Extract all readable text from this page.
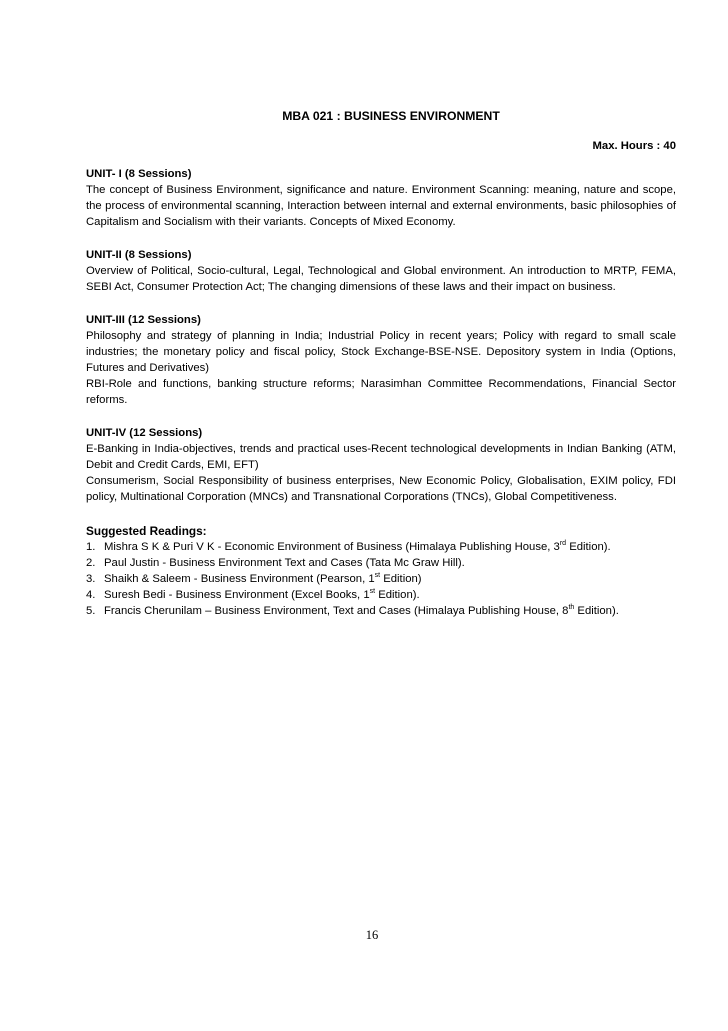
MBA 021 : BUSINESS ENVIRONMENT
Max. Hours : 40
UNIT- I (8 Sessions)

The concept of Business Environment, significance and nature. Environment Scanning: meaning, nature and scope, the process of environmental scanning, Interaction between internal and external environments, basic philosophies of Capitalism and Socialism with their variants. Concepts of Mixed Economy.

UNIT-II (8 Sessions)

Overview of Political, Socio-cultural, Legal, Technological and Global environment. An introduction to MRTP, FEMA, SEBI Act, Consumer Protection Act; The changing dimensions of these laws and their impact on business.

UNIT-III (12 Sessions)

Philosophy and strategy of planning in India; Industrial Policy in recent years; Policy with regard to small scale industries; the monetary policy and fiscal policy, Stock Exchange-BSE-NSE. Depository system in India (Options, Futures and Derivatives)

RBI-Role and functions, banking structure reforms; Narasimhan Committee Recommendations, Financial Sector reforms.

UNIT-IV (12 Sessions)

E-Banking in India-objectives, trends and practical uses-Recent technological developments in Indian Banking (ATM, Debit and Credit Cards, EMI, EFT)

Consumerism, Social Responsibility of business enterprises, New Economic Policy, Globalisation, EXIM policy, FDI policy, Multinational Corporation (MNCs) and Transnational Corporations (TNCs), Global Competitiveness.

Suggested Readings:
1. Mishra S K & Puri V K - Economic Environment of Business (Himalaya Publishing House, 3rd Edition).
2. Paul Justin - Business Environment Text and Cases (Tata Mc Graw Hill).
3. Shaikh & Saleem - Business Environment (Pearson, 1st Edition)
4. Suresh Bedi - Business Environment (Excel Books, 1st Edition).
5. Francis Cherunilam – Business Environment, Text and Cases (Himalaya Publishing House, 8th Edition).
16
